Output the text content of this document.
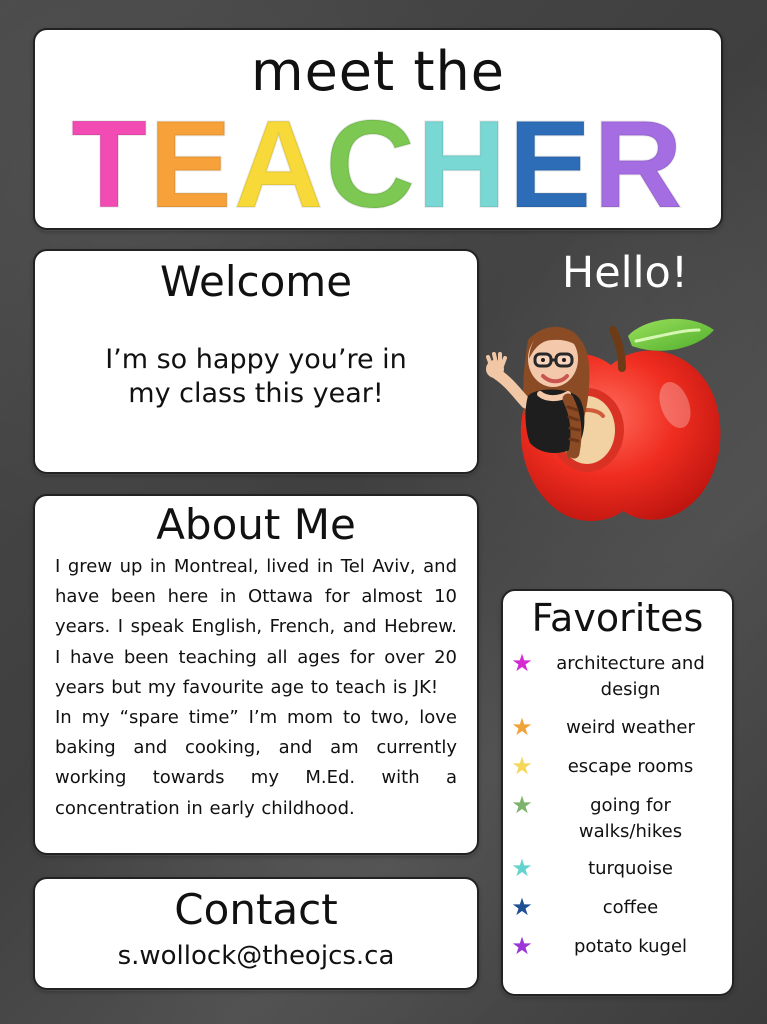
meet the
TEACHER
Welcome
I’m so happy you’re in my class this year!
Hello!
About Me

I grew up in Montreal, lived in Tel Aviv, and have been here in Ottawa for almost 10 years. I speak English, French, and Hebrew. I have been teaching all ages for over 20 years but my favourite age to teach is JK!

In my “spare time” I’m mom to two, love baking and cooking, and am currently working towards my M.Ed. with a concentration in early childhood.

Contact
s.wollock@theojcs.ca
Favorites
★	architecture and design
★	weird weather
★	escape rooms
★	going for walks/hikes
★	turquoise
★	coffee
★	potato kugel
